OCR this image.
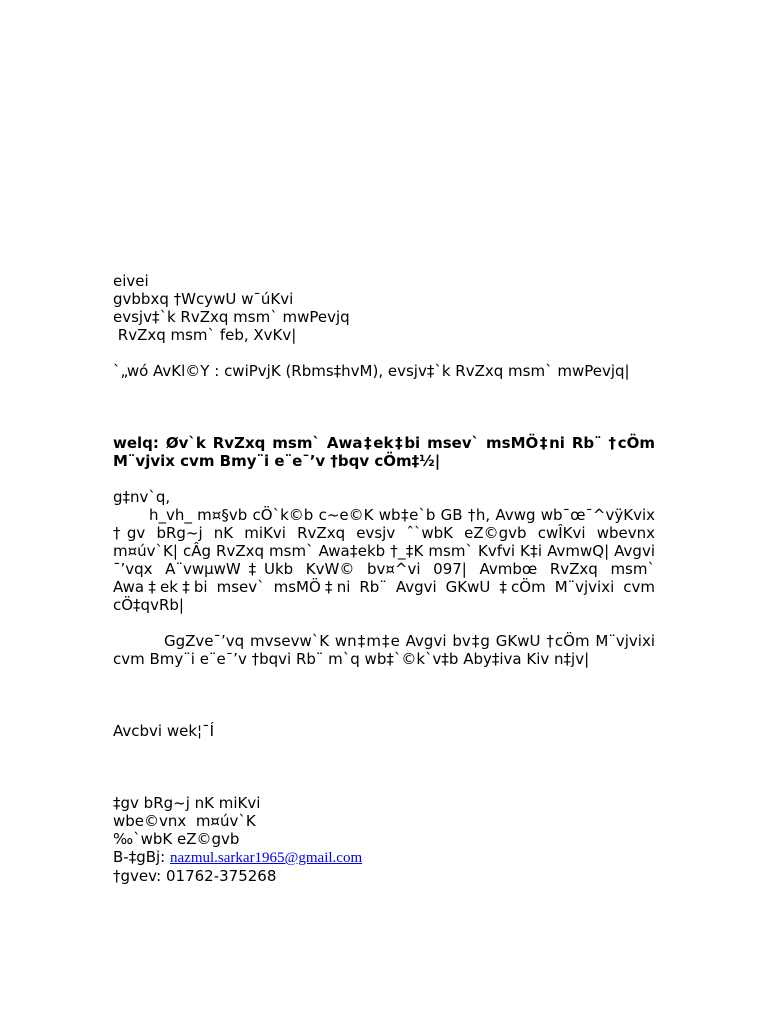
eivei

gvbbxq †WcywU w¯úKvi

evsjv‡`k RvZxq msm` mwPevjq

RvZxq msm` feb, XvKv|

`„wó AvKl©Y : cwiPvjK (Rbms‡hvM), evsjv‡`k RvZxq msm` mwPevjq|

welq: Øv`k RvZxq msm` Awa‡ek‡bi msev` msMÖ‡ni Rb¨ †cÖm M¨vjvix cvm Bmy¨i e¨e¯’v †bqv cÖm‡½|

g‡nv`q,

h_vh_ m¤§vb cÖ`k©b c~e©K wb‡e`b GB †h, Avwg wb¯œ¯^vÿKvix †gv bRg~j nK miKvi RvZxq evsjv ˆ`wbK eZ©gvb cwÎKvi wbevnx m¤úv`K| cÂg RvZxq msm` Awa‡ekb †_‡K msm` Kvfvi K‡i AvmwQ| Avgvi ¯’vqx A¨vwµwW‡Ukb KvW© bv¤^vi 097| Avmbœ RvZxq msm` Awa‡ek‡bi msev` msMÖ‡ni Rb¨ Avgvi GKwU ‡cÖm M¨vjvixi cvm cÖ‡qvRb|

GgZve¯’vq mvsevw`K wn‡m‡e Avgvi bv‡g GKwU †cÖm M¨vjvixi cvm Bmy¨i e¨e¯’v †bqvi Rb¨ m`q wb‡`©k`v‡b Aby‡iva Kiv n‡jv|

Avcbvi wek¦¯Í

‡gv bRg~j nK miKvi

wbe©vnx  m¤úv`K

‰`wbK eZ©gvb

B-‡gBj: nazmul.sarkar1965@gmail.com

†gvev: 01762-375268
